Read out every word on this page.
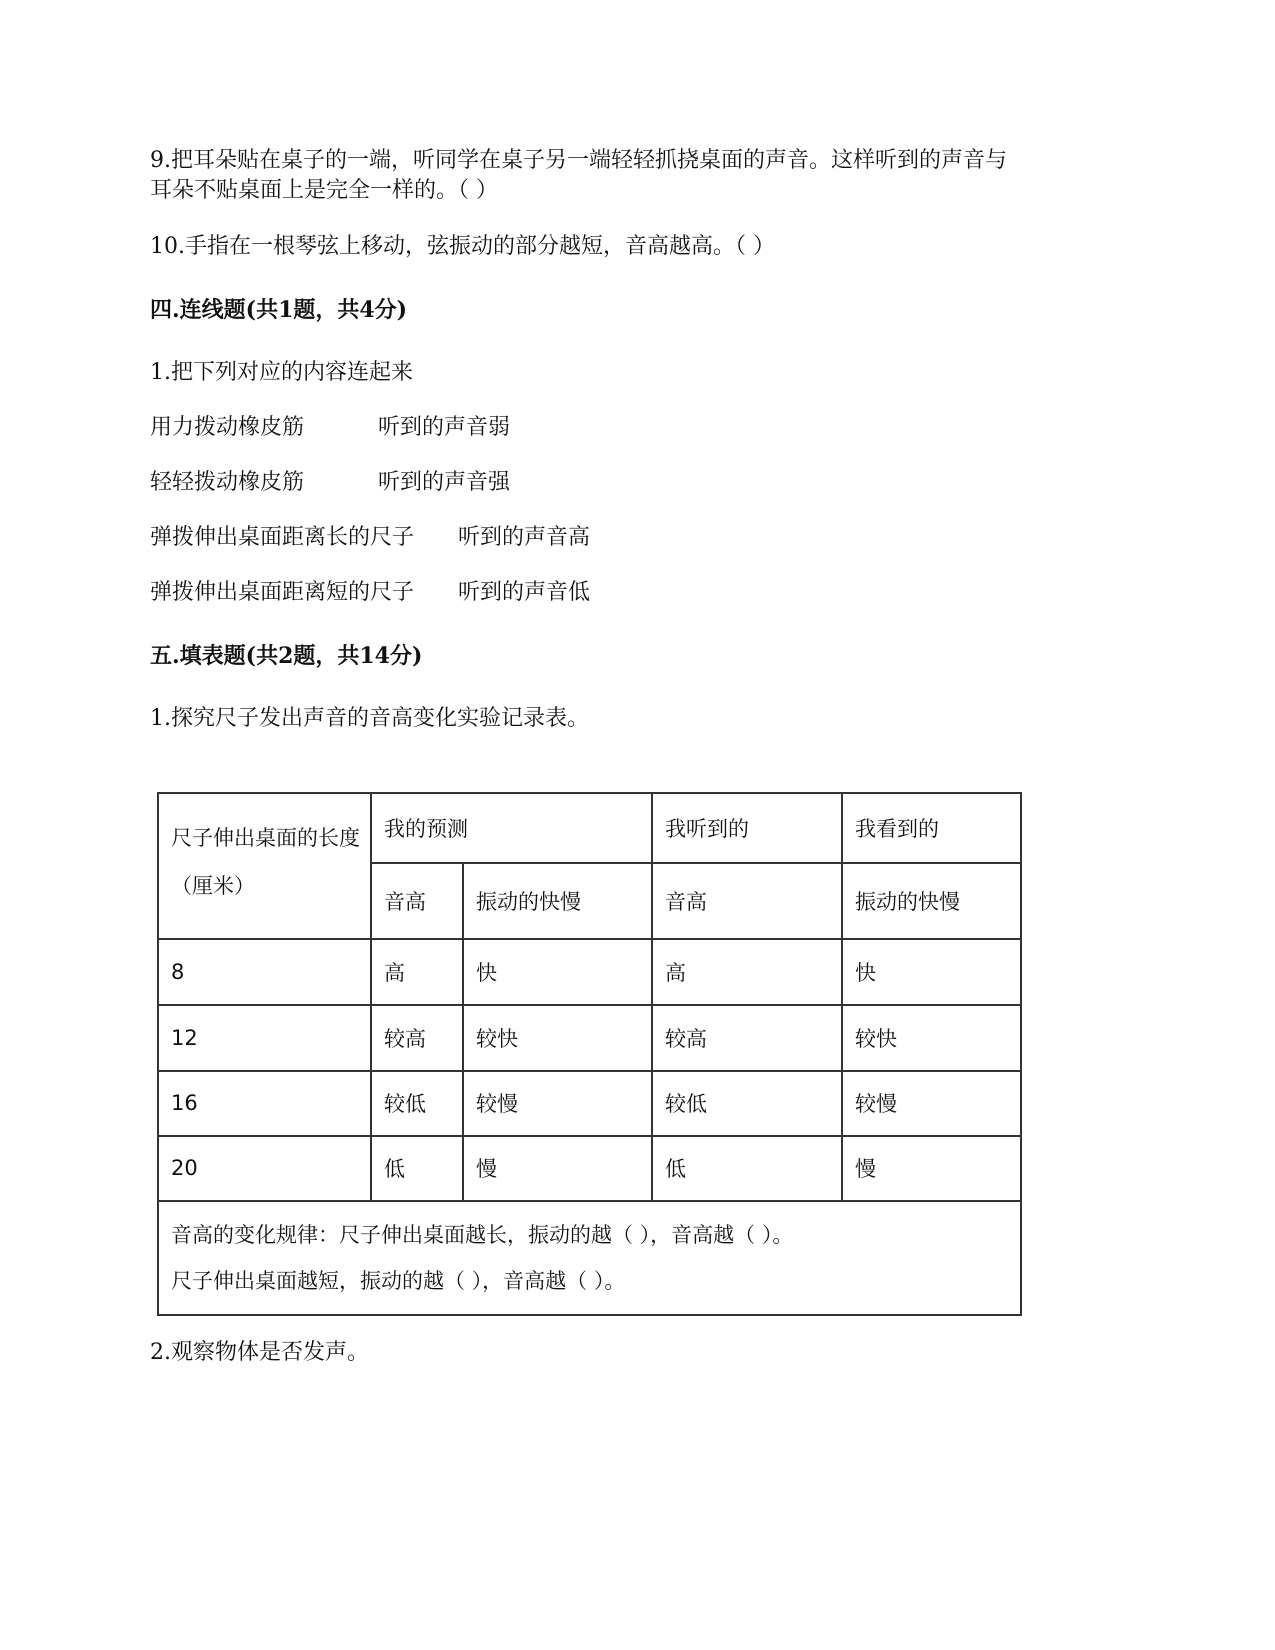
9.把耳朵贴在桌子的一端，听同学在桌子另一端轻轻抓挠桌面的声音。这样听到的声音与
耳朵不贴桌面上是完全一样的。（ ）
10.手指在一根琴弦上移动，弦振动的部分越短，音高越高。（ ）
四.连线题(共1题，共4分)
1.把下列对应的内容连起来
用力拨动橡皮筋	听到的声音弱
轻轻拨动橡皮筋	听到的声音强
弹拨伸出桌面距离长的尺子 听到的声音高
弹拨伸出桌面距离短的尺子 听到的声音低
五.填表题(共2题，共14分)
1.探究尺子发出声音的音高变化实验记录表。
尺子伸出桌面的长度（厘米）	我的预测		我听到的	我看到的
	音高	振动的快慢	音高	振动的快慢
8	高	快	高	快
12	较高	较快	较高	较快
16	较低	较慢	较低	较慢
20	低	慢	低	慢

音高的变化规律：尺子伸出桌面越长，振动的越（ ），音高越（ ）。
尺子伸出桌面越短，振动的越（ ），音高越（ ）。				
2.观察物体是否发声。
